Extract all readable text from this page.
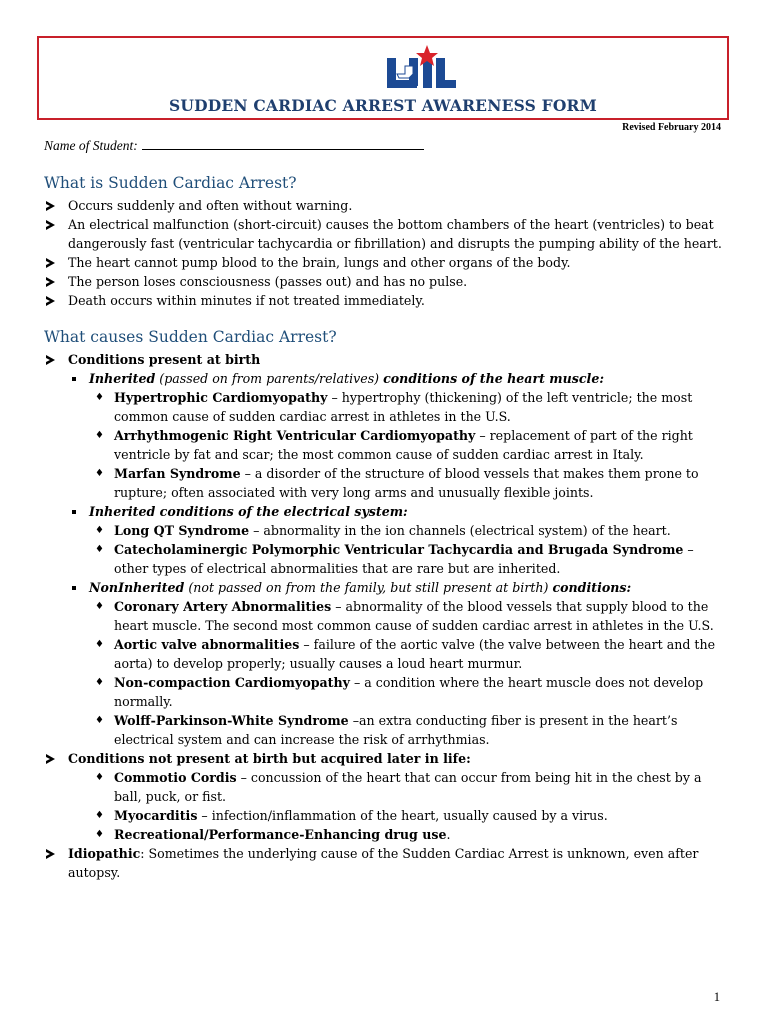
SUDDEN CARDIAC ARREST AWARENESS FORM
Revised February 2014
Name of Student:
What is Sudden Cardiac Arrest?
Occurs suddenly and often without warning.
An electrical malfunction (short-circuit) causes the bottom chambers of the heart (ventricles) to beat dangerously fast (ventricular tachycardia or fibrillation) and disrupts the pumping ability of the heart.
The heart cannot pump blood to the brain, lungs and other organs of the body.
The person loses consciousness (passes out) and has no pulse.
Death occurs within minutes if not treated immediately.
What causes Sudden Cardiac Arrest?
Conditions present at birth
Inherited (passed on from parents/relatives) conditions of the heart muscle:
♦ Hypertrophic Cardiomyopathy – hypertrophy (thickening) of the left ventricle; the most common cause of sudden cardiac arrest in athletes in the U.S.
♦ Arrhythmogenic Right Ventricular Cardiomyopathy – replacement of part of the right ventricle by fat and scar; the most common cause of sudden cardiac arrest in Italy.
♦ Marfan Syndrome – a disorder of the structure of blood vessels that makes them prone to rupture; often associated with very long arms and unusually flexible joints.
Inherited conditions of the electrical system:
♦ Long QT Syndrome – abnormality in the ion channels (electrical system) of the heart.
♦ Catecholaminergic Polymorphic Ventricular Tachycardia and Brugada Syndrome – other types of electrical abnormalities that are rare but are inherited.
NonInherited (not passed on from the family, but still present at birth) conditions:
♦ Coronary Artery Abnormalities – abnormality of the blood vessels that supply blood to the heart muscle. The second most common cause of sudden cardiac arrest in athletes in the U.S.
♦ Aortic valve abnormalities – failure of the aortic valve (the valve between the heart and the aorta) to develop properly; usually causes a loud heart murmur.
♦ Non-compaction Cardiomyopathy – a condition where the heart muscle does not develop normally.
♦ Wolff-Parkinson-White Syndrome –an extra conducting fiber is present in the heart’s electrical system and can increase the risk of arrhythmias.
Conditions not present at birth but acquired later in life:
♦ Commotio Cordis – concussion of the heart that can occur from being hit in the chest by a ball, puck, or fist.
♦ Myocarditis – infection/inflammation of the heart, usually caused by a virus.
♦ Recreational/Performance-Enhancing drug use.
Idiopathic: Sometimes the underlying cause of the Sudden Cardiac Arrest is unknown, even after autopsy.
1
